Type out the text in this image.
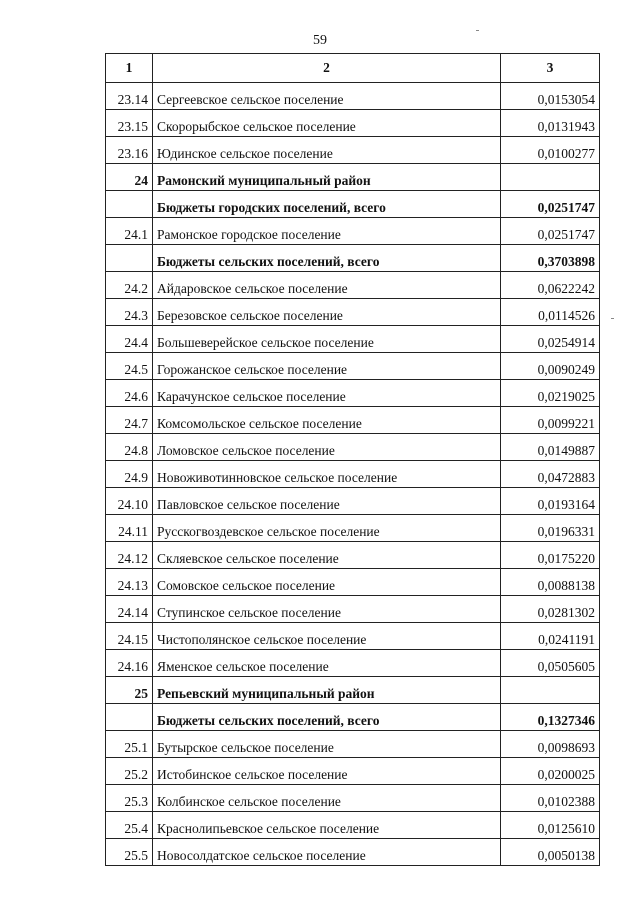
59
1	2	3
23.14	Сергеевское сельское поселение	0,0153054
23.15	Скорорыбское сельское поселение	0,0131943
23.16	Юдинское сельское поселение	0,0100277
24	Рамонский муниципальный район	
	Бюджеты городских поселений, всего	0,0251747
24.1	Рамонское городское поселение	0,0251747
	Бюджеты сельских поселений, всего	0,3703898
24.2	Айдаровское сельское поселение	0,0622242
24.3	Березовское сельское поселение	0,0114526
24.4	Большеверейское сельское поселение	0,0254914
24.5	Горожанское сельское поселение	0,0090249
24.6	Карачунское сельское поселение	0,0219025
24.7	Комсомольское сельское поселение	0,0099221
24.8	Ломовское сельское поселение	0,0149887
24.9	Новоживотинновское сельское поселение	0,0472883
24.10	Павловское сельское поселение	0,0193164
24.11	Русскогвоздевское сельское поселение	0,0196331
24.12	Скляевское сельское поселение	0,0175220
24.13	Сомовское сельское поселение	0,0088138
24.14	Ступинское сельское поселение	0,0281302
24.15	Чистополянское сельское поселение	0,0241191
24.16	Яменское сельское поселение	0,0505605
25	Репьевский муниципальный район	
	Бюджеты сельских поселений, всего	0,1327346
25.1	Бутырское сельское поселение	0,0098693
25.2	Истобинское сельское поселение	0,0200025
25.3	Колбинское сельское поселение	0,0102388
25.4	Краснолипьевское сельское поселение	0,0125610
25.5	Новосолдатское сельское поселение	0,0050138
